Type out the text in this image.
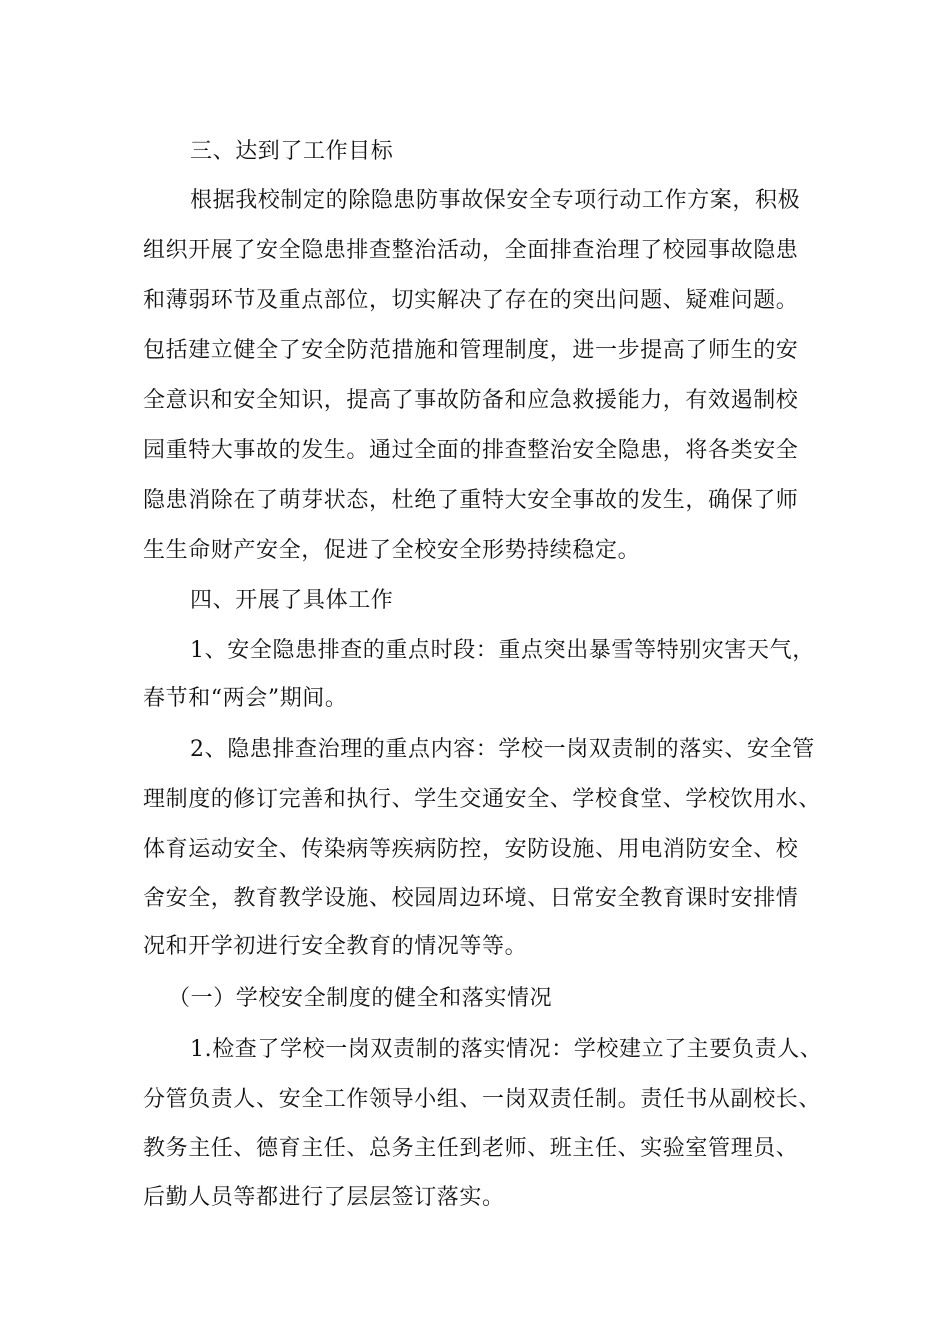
三、达到了工作目标
根据我校制定的除隐患防事故保安全专项行动工作方案，积极
组织开展了安全隐患排查整治活动，全面排查治理了校园事故隐患
和薄弱环节及重点部位，切实解决了存在的突出问题、疑难问题。
包括建立健全了安全防范措施和管理制度，进一步提高了师生的安
全意识和安全知识，提高了事故防备和应急救援能力，有效遏制校
园重特大事故的发生。通过全面的排查整治安全隐患，将各类安全
隐患消除在了萌芽状态，杜绝了重特大安全事故的发生，确保了师
生生命财产安全，促进了全校安全形势持续稳定。
四、开展了具体工作
1、安全隐患排查的重点时段：重点突出暴雪等特别灾害天气，
春节和“两会”期间。
2、隐患排查治理的重点内容：学校一岗双责制的落实、安全管
理制度的修订完善和执行、学生交通安全、学校食堂、学校饮用水、
体育运动安全、传染病等疾病防控，安防设施、用电消防安全、校
舍安全，教育教学设施、校园周边环境、日常安全教育课时安排情
况和开学初进行安全教育的情况等等。
（一）学校安全制度的健全和落实情况
1.检查了学校一岗双责制的落实情况：学校建立了主要负责人、
分管负责人、安全工作领导小组、一岗双责任制。责任书从副校长、
教务主任、德育主任、总务主任到老师、班主任、实验室管理员、
后勤人员等都进行了层层签订落实。
